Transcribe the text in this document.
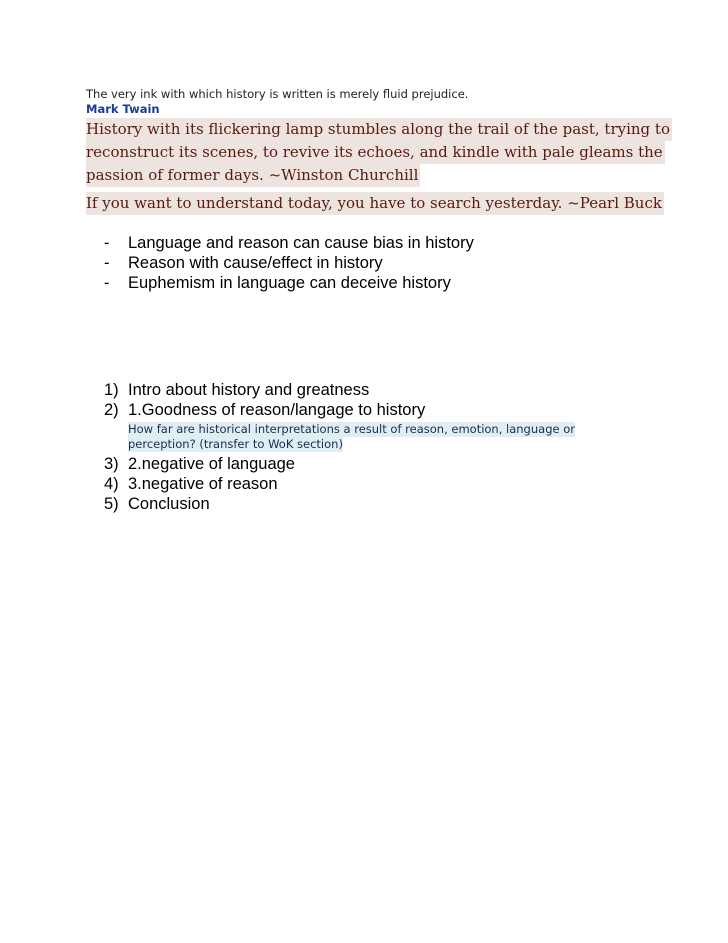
The very ink with which history is written is merely fluid prejudice.
Mark Twain
History with its flickering lamp stumbles along the trail of the past, trying to
reconstruct its scenes, to revive its echoes, and kindle with pale gleams the
passion of former days. ~Winston Churchill
If you want to understand today, you have to search yesterday. ~Pearl Buck
- Language and reason can cause bias in history
- Reason with cause/effect in history
- Euphemism in language can deceive history
1) Intro about history and greatness
2) 1.Goodness of reason/langage to history
How far are historical interpretations a result of reason, emotion, language or
perception? (transfer to WoK section)
3) 2.negative of language
4) 3.negative of reason
5) Conclusion
